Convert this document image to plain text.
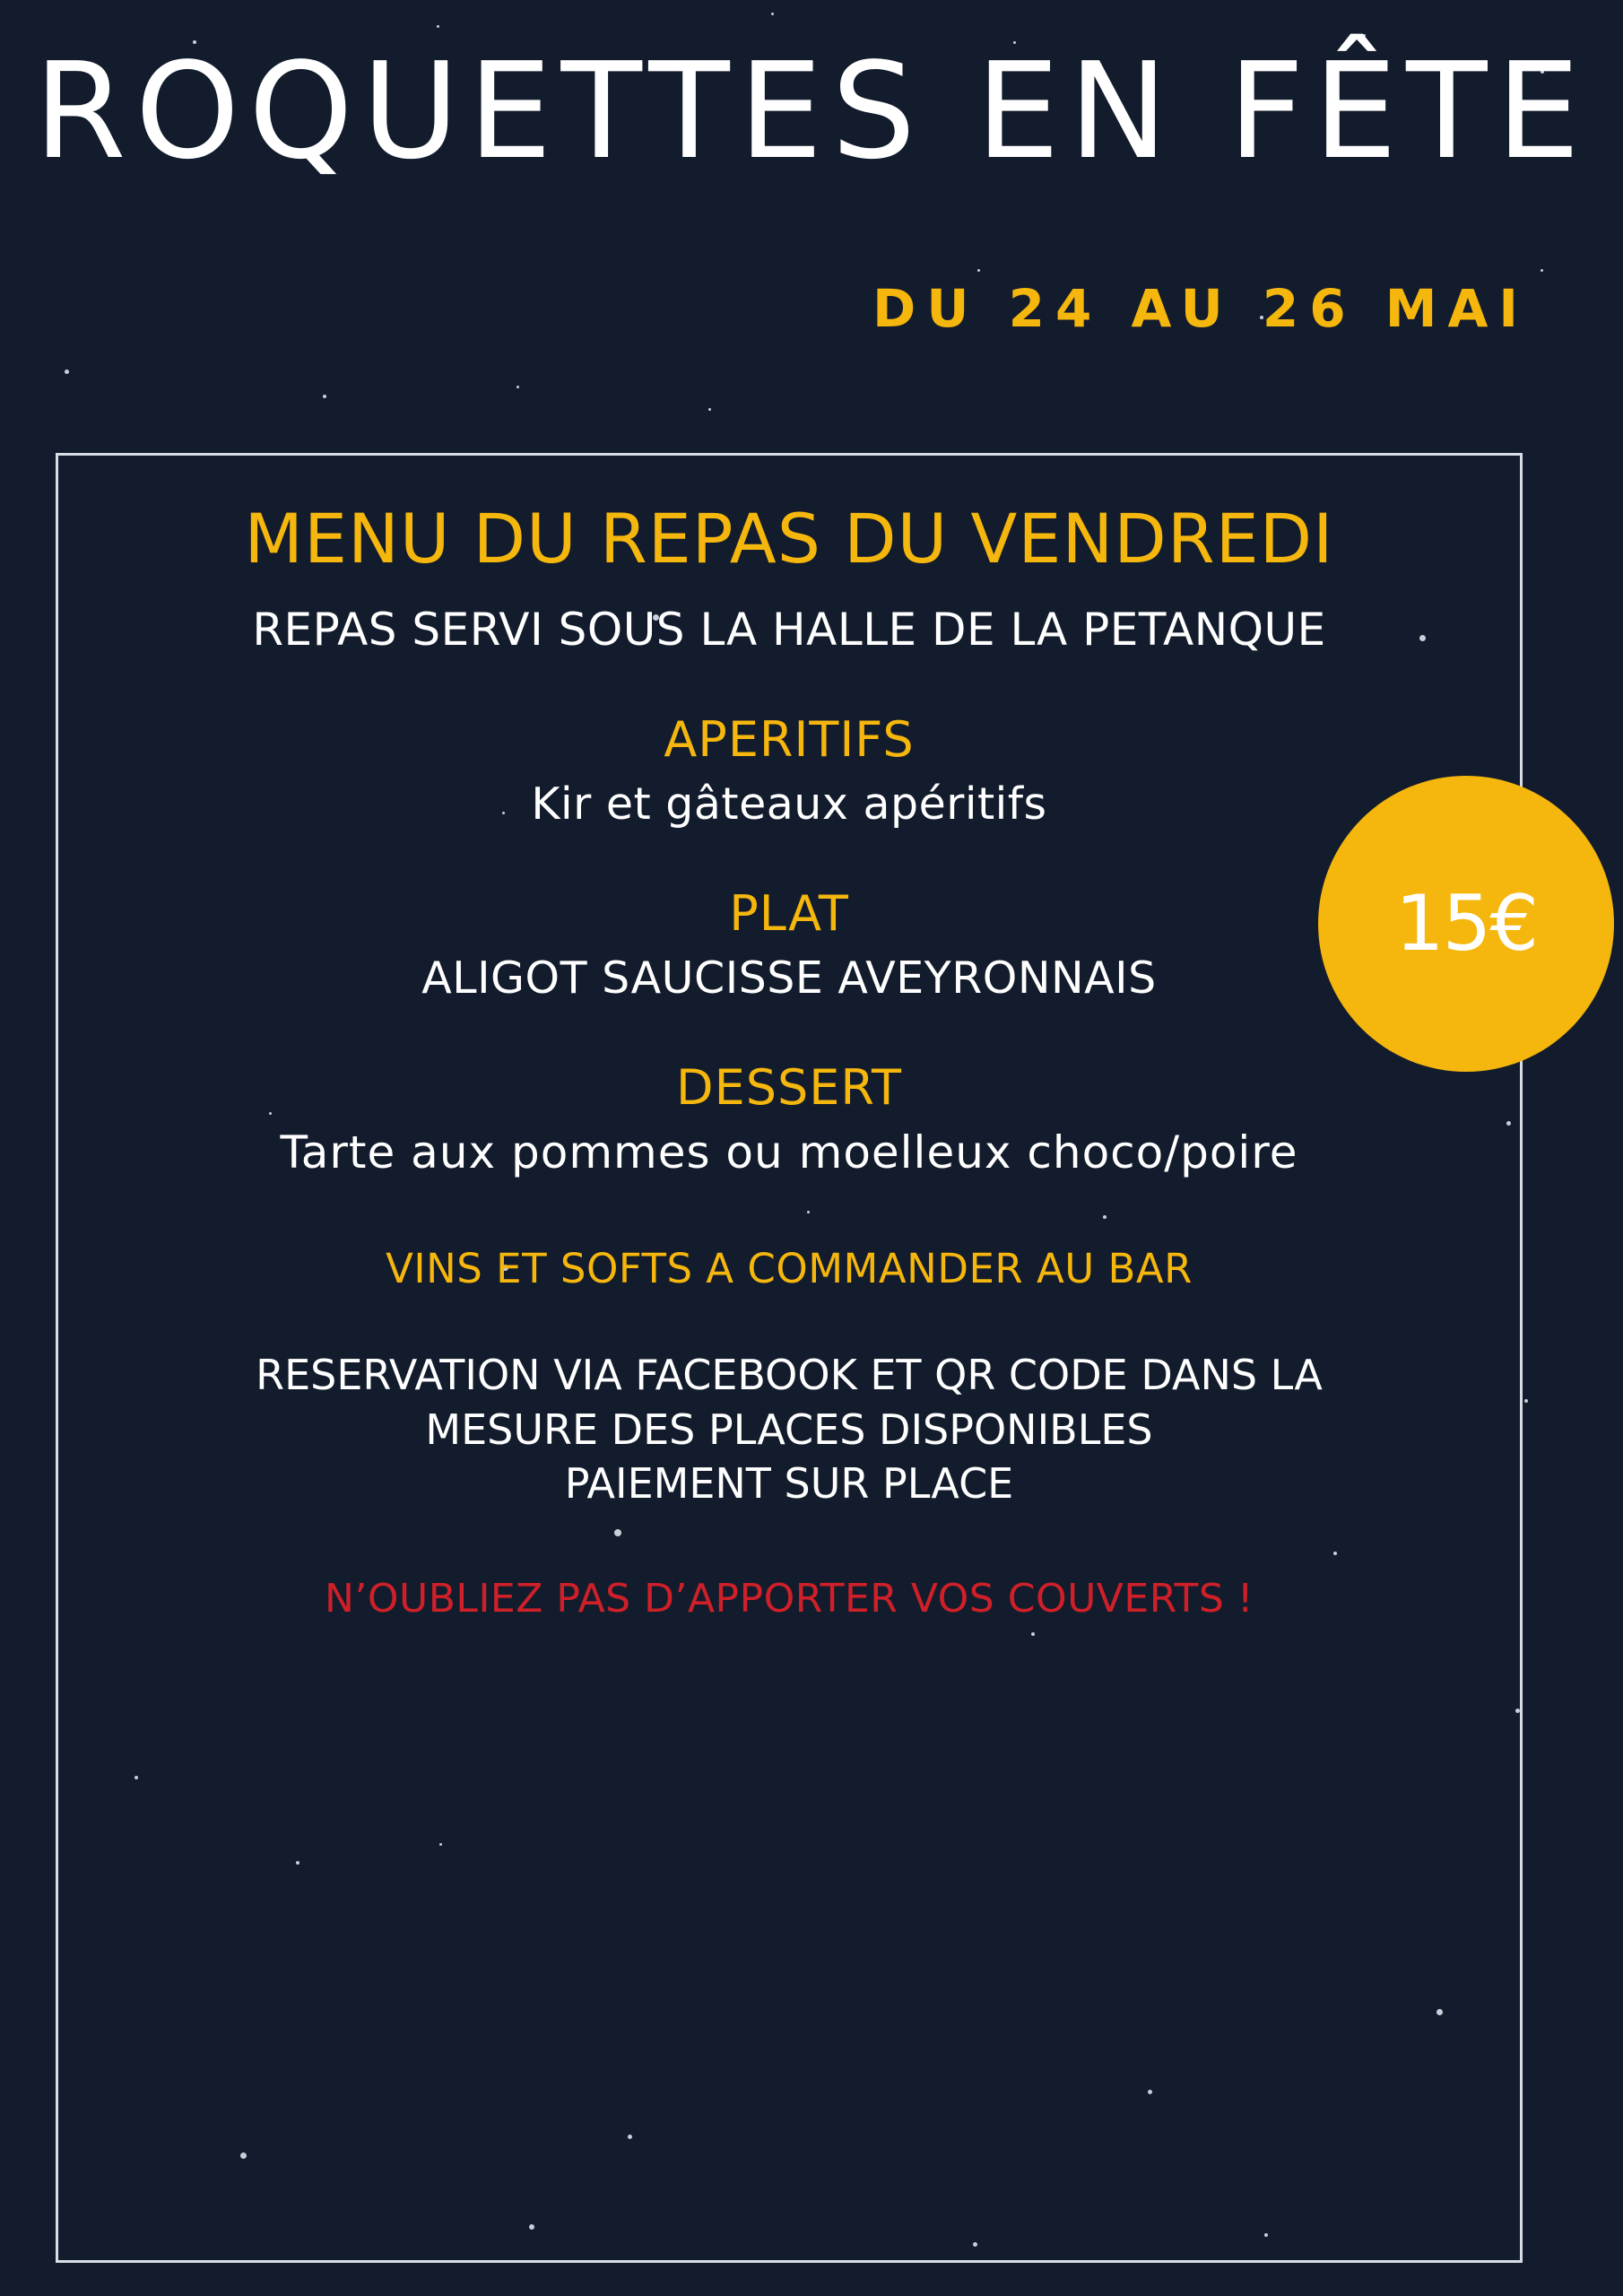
ROQUETTES EN FÊTE
DU 24 AU 26 MAI
MENU DU REPAS DU VENDREDI
REPAS SERVI SOUS LA HALLE DE LA PETANQUE
APERITIFS
Kir et gâteaux apéritifs
PLAT
ALIGOT SAUCISSE AVEYRONNAIS
DESSERT
Tarte aux pommes ou moelleux choco/poire
VINS ET SOFTS A COMMANDER AU BAR
RESERVATION VIA FACEBOOK ET QR CODE DANS LA
MESURE DES PLACES DISPONIBLES
PAIEMENT SUR PLACE
N’OUBLIEZ PAS D’APPORTER VOS COUVERTS !
15€
